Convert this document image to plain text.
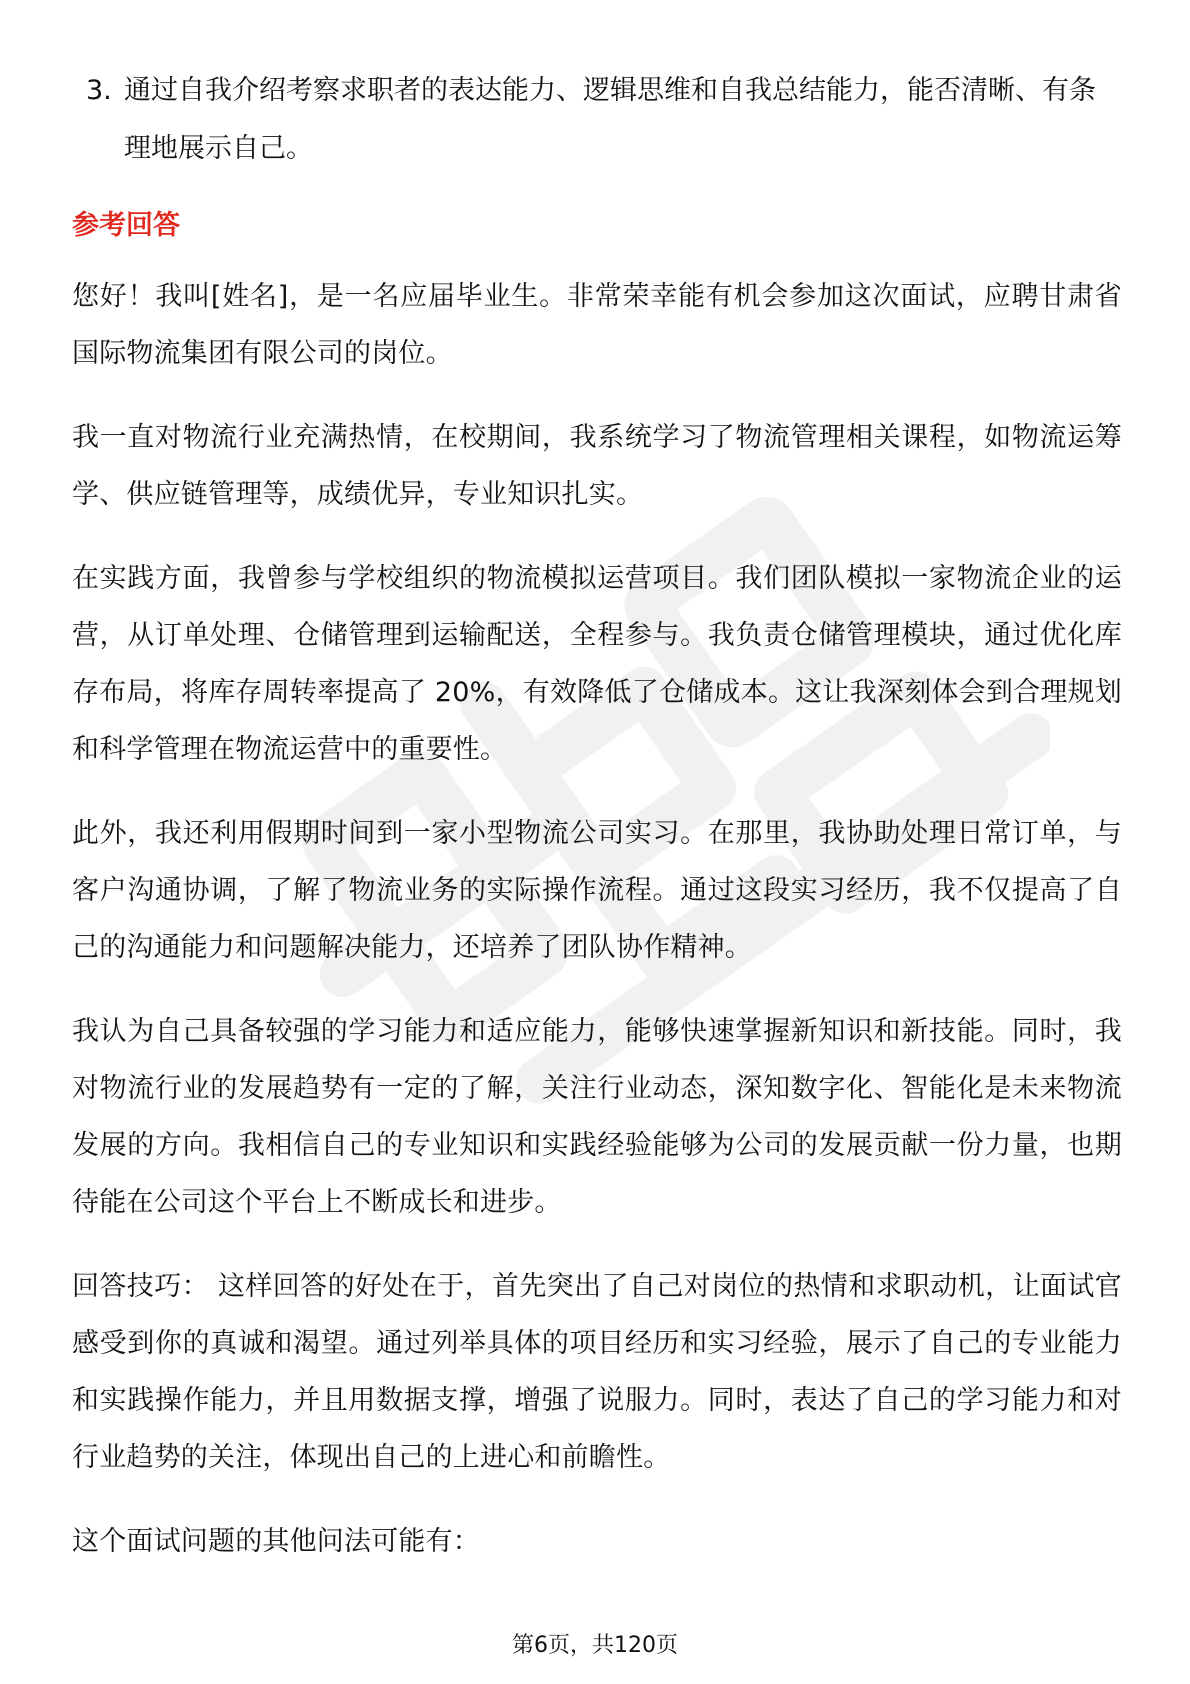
3. 通过自我介绍考察求职者的表达能力、逻辑思维和自我总结能力，能否清晰、有条理地展示自己。
参考回答

您好！我叫[姓名]，是一名应届毕业生。非常荣幸能有机会参加这次面试，应聘甘肃省国际物流集团有限公司的岗位。

我一直对物流行业充满热情，在校期间，我系统学习了物流管理相关课程，如物流运筹学、供应链管理等，成绩优异，专业知识扎实。

在实践方面，我曾参与学校组织的物流模拟运营项目。我们团队模拟一家物流企业的运营，从订单处理、仓储管理到运输配送，全程参与。我负责仓储管理模块，通过优化库存布局，将库存周转率提高了 20%，有效降低了仓储成本。这让我深刻体会到合理规划和科学管理在物流运营中的重要性。

此外，我还利用假期时间到一家小型物流公司实习。在那里，我协助处理日常订单，与客户沟通协调，了解了物流业务的实际操作流程。通过这段实习经历，我不仅提高了自己的沟通能力和问题解决能力，还培养了团队协作精神。

我认为自己具备较强的学习能力和适应能力，能够快速掌握新知识和新技能。同时，我对物流行业的发展趋势有一定的了解，关注行业动态，深知数字化、智能化是未来物流发展的方向。我相信自己的专业知识和实践经验能够为公司的发展贡献一份力量，也期待能在公司这个平台上不断成长和进步。

回答技巧： 这样回答的好处在于，首先突出了自己对岗位的热情和求职动机，让面试官感受到你的真诚和渴望。通过列举具体的项目经历和实习经验，展示了自己的专业能力和实践操作能力，并且用数据支撑，增强了说服力。同时，表达了自己的学习能力和对行业趋势的关注，体现出自己的上进心和前瞻性。

这个面试问题的其他问法可能有：

第6页，共120页
